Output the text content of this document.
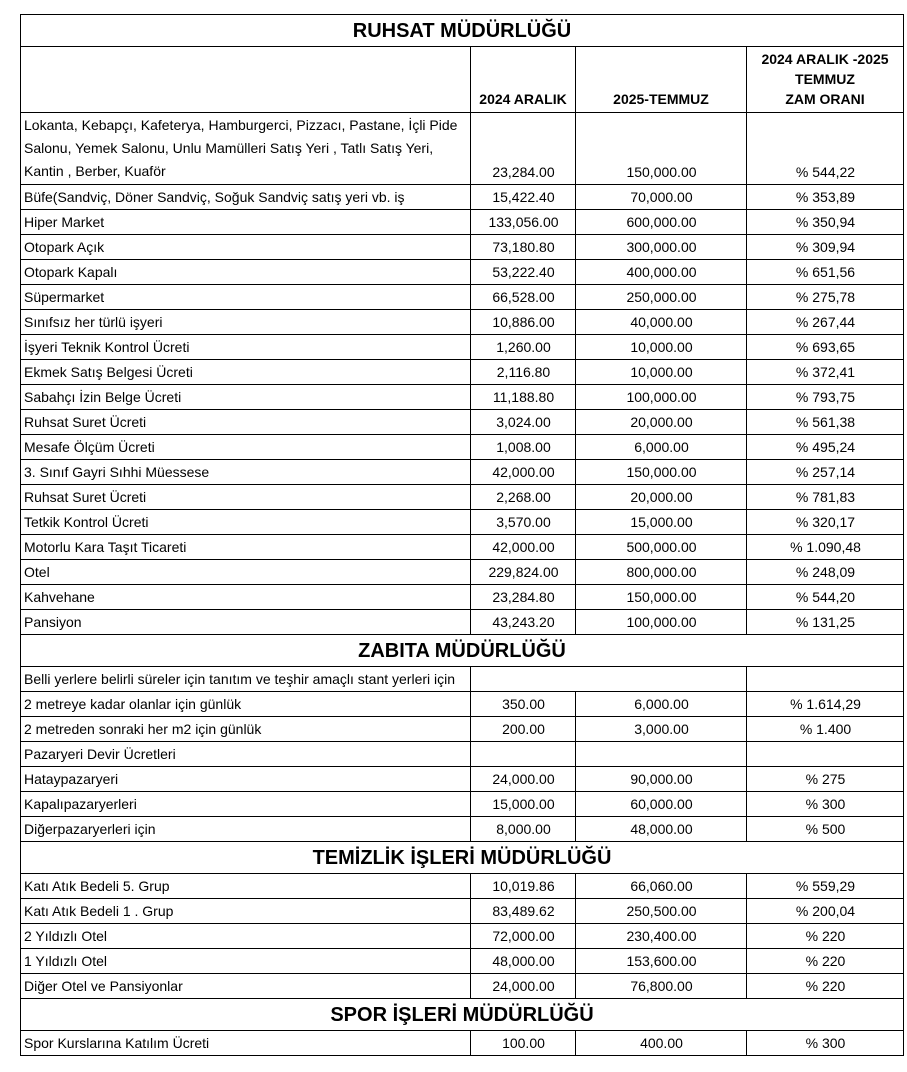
RUHSAT MÜDÜRLÜĞÜ			
	2024 ARALIK	2025-TEMMUZ	2024 ARALIK -2025
TEMMUZ
ZAM ORANI

Lokanta, Kebapçı, Kafeterya, Hamburgerci, Pizzacı, Pastane, İçli Pide Salonu, Yemek Salonu, Unlu Mamülleri Satış Yeri , Tatlı Satış Yeri, Kantin , Berber, Kuaför	23,284.00	150,000.00	% 544,22
Büfe(Sandviç, Döner Sandviç, Soğuk Sandviç satış yeri vb. iş	15,422.40	70,000.00	% 353,89
Hiper Market	133,056.00	600,000.00	% 350,94
Otopark Açık	73,180.80	300,000.00	% 309,94
Otopark Kapalı	53,222.40	400,000.00	% 651,56
Süpermarket	66,528.00	250,000.00	% 275,78
Sınıfsız her türlü işyeri	10,886.00	40,000.00	% 267,44
İşyeri Teknik Kontrol Ücreti	1,260.00	10,000.00	% 693,65
Ekmek Satış Belgesi Ücreti	2,116.80	10,000.00	% 372,41
Sabahçı İzin Belge Ücreti	11,188.80	100,000.00	% 793,75
Ruhsat Suret Ücreti	3,024.00	20,000.00	% 561,38
Mesafe Ölçüm Ücreti	1,008.00	6,000.00	% 495,24
3. Sınıf Gayri Sıhhi Müessese	42,000.00	150,000.00	% 257,14
Ruhsat Suret Ücreti	2,268.00	20,000.00	% 781,83
Tetkik Kontrol Ücreti	3,570.00	15,000.00	% 320,17
Motorlu Kara Taşıt Ticareti	42,000.00	500,000.00	% 1.090,48
Otel	229,824.00	800,000.00	% 248,09
Kahvehane	23,284.80	150,000.00	% 544,20
Pansiyon	43,243.20	100,000.00	% 131,25
ZABITA MÜDÜRLÜĞÜ			
Belli yerlere belirli süreler için tanıtım ve teşhir amaçlı stant yerleri için			
2 metreye kadar olanlar için günlük	350.00	6,000.00	% 1.614,29
2 metreden sonraki her m2 için günlük	200.00	3,000.00	% 1.400
Pazaryeri Devir Ücretleri			
Hataypazaryeri	24,000.00	90,000.00	% 275
Kapalıpazaryerleri	15,000.00	60,000.00	% 300
Diğerpazaryerleri için	8,000.00	48,000.00	% 500
TEMİZLİK İŞLERİ MÜDÜRLÜĞÜ			
Katı Atık Bedeli 5. Grup	10,019.86	66,060.00	% 559,29
Katı Atık Bedeli 1 . Grup	83,489.62	250,500.00	% 200,04
2 Yıldızlı Otel	72,000.00	230,400.00	% 220
1 Yıldızlı Otel	48,000.00	153,600.00	% 220
Diğer Otel ve Pansiyonlar	24,000.00	76,800.00	% 220
SPOR İŞLERİ MÜDÜRLÜĞÜ			
Spor Kurslarına Katılım Ücreti	100.00	400.00	% 300
